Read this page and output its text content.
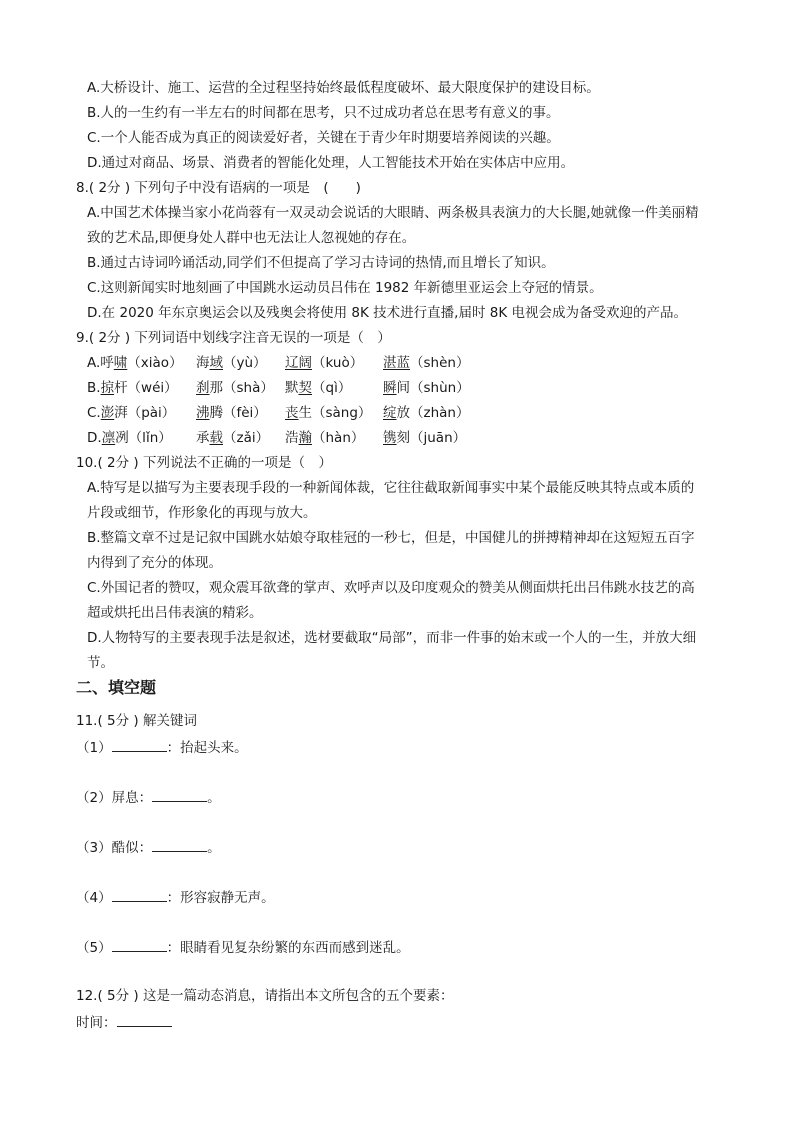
A.大桥设计、施工、运营的全过程坚持始终最低程度破坏、最大限度保护的建设目标。
B.人的一生约有一半左右的时间都在思考，只不过成功者总在思考有意义的事。
C.一个人能否成为真正的阅读爱好者，关键在于青少年时期要培养阅读的兴趣。
D.通过对商品、场景、消费者的智能化处理，人工智能技术开始在实体店中应用。
8.( 2分 ) 下列句子中没有语病的一项是　(　　)
A.中国艺术体操当家小花尚蓉有一双灵动会说话的大眼睛、两条极具表演力的大长腿,她就像一件美丽精
致的艺术品,即便身处人群中也无法让人忽视她的存在。
B.通过古诗词吟诵活动,同学们不但提高了学习古诗词的热情,而且增长了知识。
C.这则新闻实时地刻画了中国跳水运动员吕伟在 1982 年新德里亚运会上夺冠的情景。
D.在 2020 年东京奥运会以及残奥会将使用 8K 技术进行直播,届时 8K 电视会成为备受欢迎的产品。
9.( 2分 ) 下列词语中划线字注音无误的一项是（　）
A.呼啸（xiào） 海域（yù） 辽阔（kuò） 湛蓝（shèn）
B.掠杆（wéi） 刹那（shà） 默契（qì） 瞬间（shùn）
C.澎湃（pài） 沸腾（fèi） 丧生（sàng） 绽放（zhàn）
D.凛冽（lǐn） 承载（zǎi） 浩瀚（hàn） 镌刻（juān）
10.( 2分 ) 下列说法不正确的一项是（　）
A.特写是以描写为主要表现手段的一种新闻体裁，它往往截取新闻事实中某个最能反映其特点或本质的
片段或细节，作形象化的再现与放大。
B.整篇文章不过是记叙中国跳水姑娘夺取桂冠的一秒七，但是，中国健儿的拼搏精神却在这短短五百字
内得到了充分的体现。
C.外国记者的赞叹，观众震耳欲聋的掌声、欢呼声以及印度观众的赞美从侧面烘托出吕伟跳水技艺的高
超或烘托出吕伟表演的精彩。
D.人物特写的主要表现手法是叙述，选材要截取“局部”，而非一件事的始末或一个人的一生，并放大细
节。
二、填空题
11.( 5分 ) 解关键词
（1）	：抬起头来。
（2）屏息：	。
（3）酷似：	。
（4）	：形容寂静无声。
（5）	：眼睛看见复杂纷繁的东西而感到迷乱。
12.( 5分 ) 这是一篇动态消息，请指出本文所包含的五个要素：
时间：
